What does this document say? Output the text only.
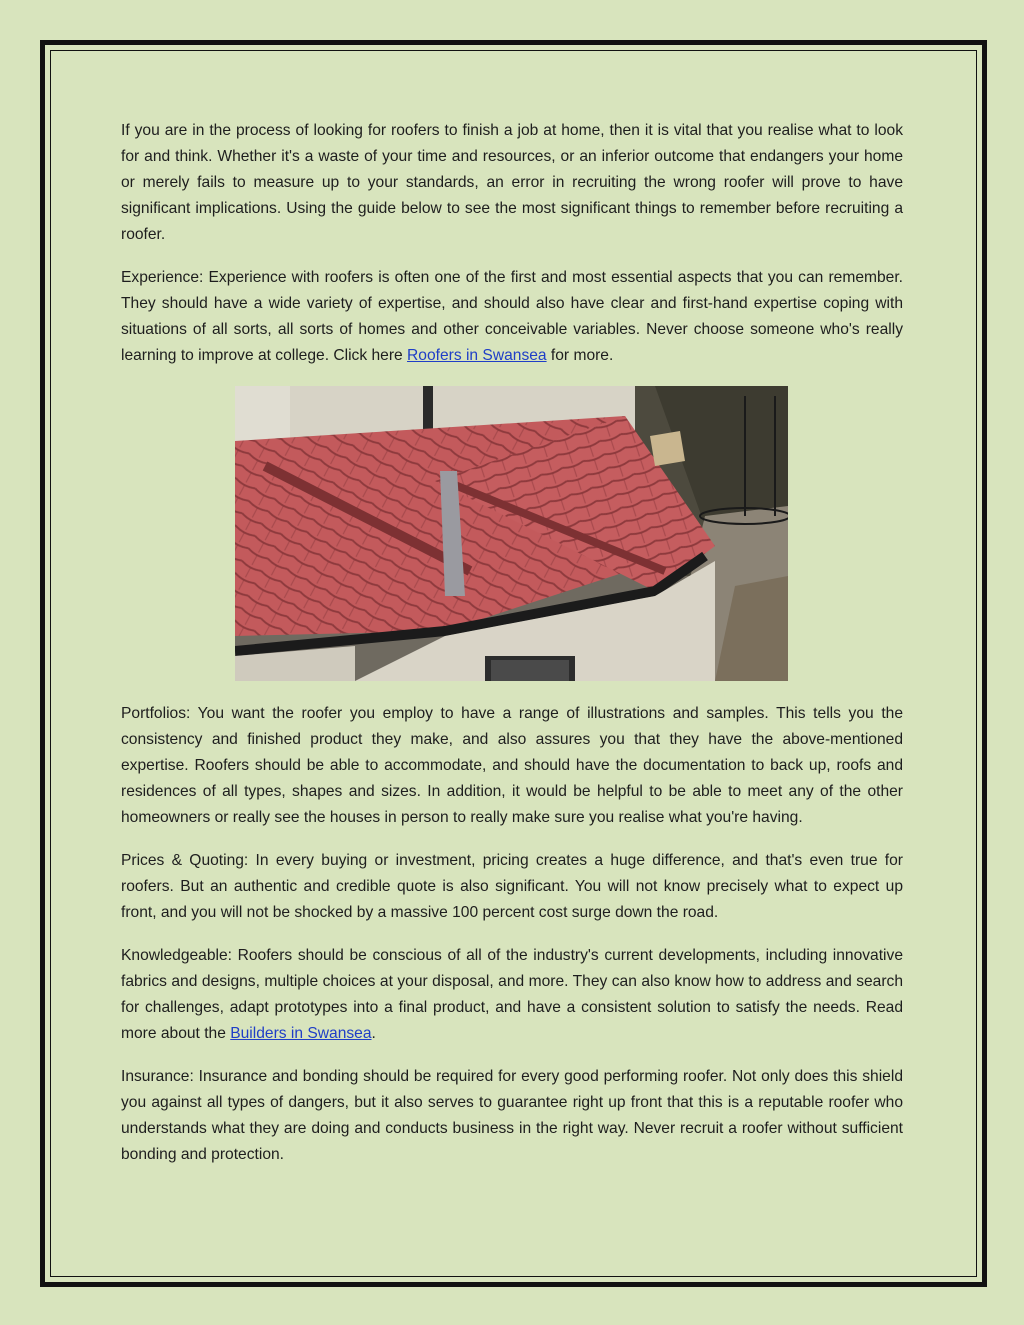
If you are in the process of looking for roofers to finish a job at home, then it is vital that you realise what to look for and think. Whether it's a waste of your time and resources, or an inferior outcome that endangers your home or merely fails to measure up to your standards, an error in recruiting the wrong roofer will prove to have significant implications. Using the guide below to see the most significant things to remember before recruiting a roofer.

Experience: Experience with roofers is often one of the first and most essential aspects that you can remember. They should have a wide variety of expertise, and should also have clear and first-hand expertise coping with situations of all sorts, all sorts of homes and other conceivable variables. Never choose someone who's really learning to improve at college. Click here Roofers in Swansea for more.

Portfolios: You want the roofer you employ to have a range of illustrations and samples. This tells you the consistency and finished product they make, and also assures you that they have the above-mentioned expertise. Roofers should be able to accommodate, and should have the documentation to back up, roofs and residences of all types, shapes and sizes. In addition, it would be helpful to be able to meet any of the other homeowners or really see the houses in person to really make sure you realise what you're having.

Prices & Quoting: In every buying or investment, pricing creates a huge difference, and that's even true for roofers. But an authentic and credible quote is also significant. You will not know precisely what to expect up front, and you will not be shocked by a massive 100 percent cost surge down the road.

Knowledgeable: Roofers should be conscious of all of the industry's current developments, including innovative fabrics and designs, multiple choices at your disposal, and more. They can also know how to address and search for challenges, adapt prototypes into a final product, and have a consistent solution to satisfy the needs. Read more about the Builders in Swansea.

Insurance: Insurance and bonding should be required for every good performing roofer. Not only does this shield you against all types of dangers, but it also serves to guarantee right up front that this is a reputable roofer who understands what they are doing and conducts business in the right way. Never recruit a roofer without sufficient bonding and protection.
